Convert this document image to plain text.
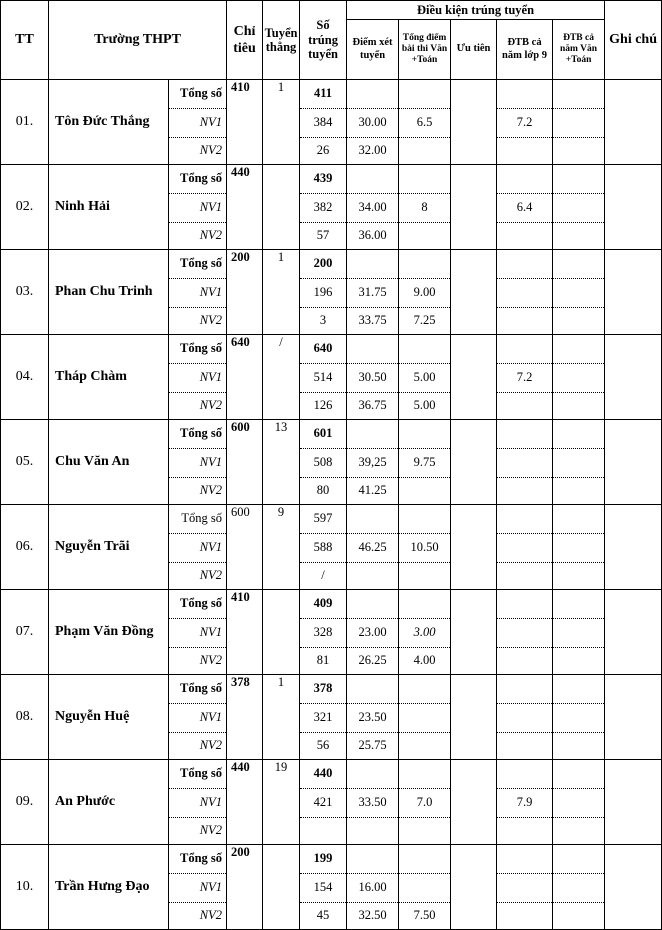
TT	Trường THPT		Chỉ tiêu	Tuyển thẳng	Số trúng tuyển	Điều kiện trúng tuyển					Ghi chú
						Điểm xét tuyển	Tổng điểm bài thi Văn +Toán	Ưu tiên	ĐTB cả năm lớp 9	ĐTB cả năm Văn +Toán	
01.	Tôn Đức Thắng	Tổng số	410	1	411						
		NV1			384	30.00	6.5		7.2		
		NV2			26	32.00					
02.	Ninh Hải	Tổng số	440		439						
		NV1			382	34.00	8		6.4		
		NV2			57	36.00					
03.	Phan Chu Trinh	Tổng số	200	1	200						
		NV1			196	31.75	9.00				
		NV2			3	33.75	7.25				
04.	Tháp Chàm	Tổng số	640	/	640						
		NV1			514	30.50	5.00		7.2		
		NV2			126	36.75	5.00				
05.	Chu Văn An	Tổng số	600	13	601						
		NV1			508	39,25	9.75				
		NV2			80	41.25					
06.	Nguyễn Trãi	Tổng số	600	9	597						
		NV1			588	46.25	10.50				
		NV2			/						
07.	Phạm Văn Đồng	Tổng số	410		409						
		NV1			328	23.00	3.00				
		NV2			81	26.25	4.00				
08.	Nguyễn Huệ	Tổng số	378	1	378						
		NV1			321	23.50					
		NV2			56	25.75					
09.	An Phước	Tổng số	440	19	440						
		NV1			421	33.50	7.0		7.9		
		NV2									
10.	Trần Hưng Đạo	Tổng số	200		199						
		NV1			154	16.00					
		NV2			45	32.50	7.50				
